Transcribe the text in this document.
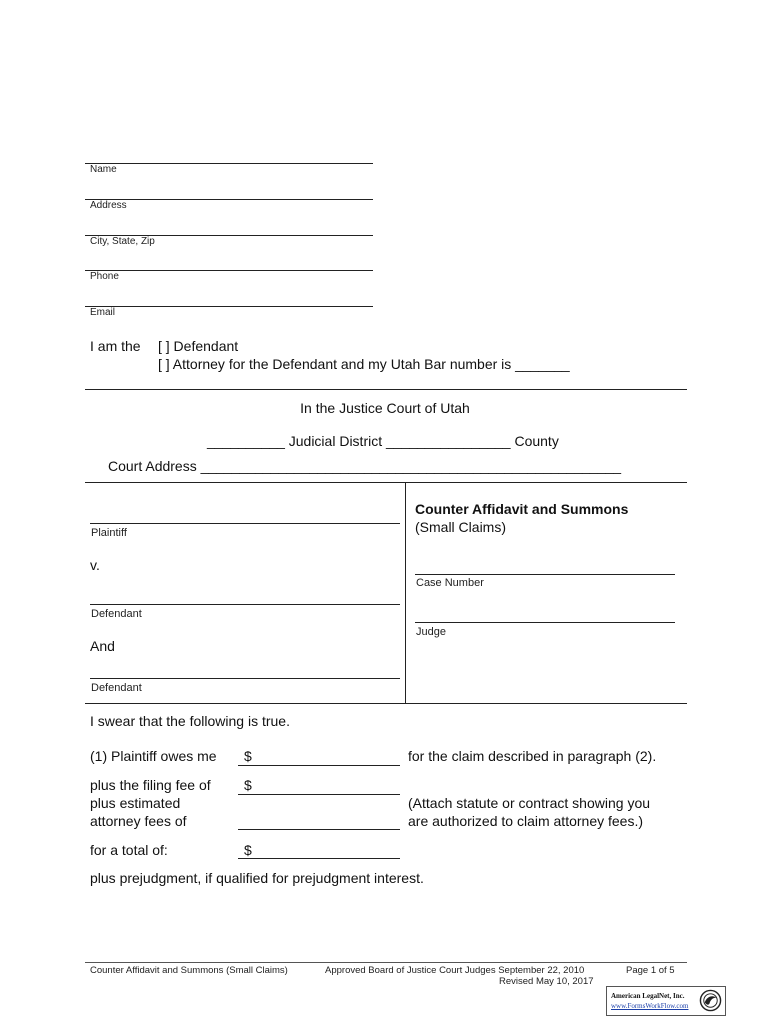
Name
Address
City, State, Zip
Phone
Email
I am the [ ] Defendant
[ ] Attorney for the Defendant and my Utah Bar number is _______
In the Justice Court of Utah
__________ Judicial District ________________ County
Court Address ______________________________________________________
Plaintiff
v.
Defendant
And
Defendant
Counter Affidavit and Summons
(Small Claims)
Case Number
Judge
I swear that the following is true.
(1) Plaintiff owes me $	for the claim described in paragraph (2).
plus the filing fee of $
plus estimated
attorney fees of
(Attach statute or contract showing you
are authorized to claim attorney fees.)
for a total of:	$
plus prejudgment, if qualified for prejudgment interest.
Counter Affidavit and Summons (Small Claims)	Approved Board of Justice Court Judges September 22, 2010
Revised May 10, 2017
Page 1 of 5
American LegalNet, Inc.
www.FormsWorkFlow.com
